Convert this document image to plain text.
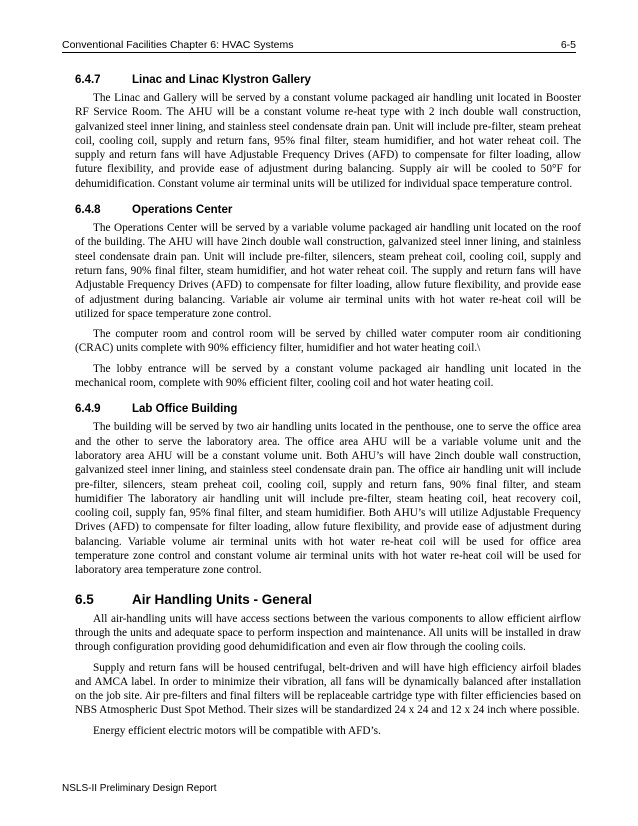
Conventional Facilities Chapter 6: HVAC Systems	6-5
6.4.7	Linac and Linac Klystron Gallery

The Linac and Gallery will be served by a constant volume packaged air handling unit located in Booster RF Service Room. The AHU will be a constant volume re-heat type with 2 inch double wall construction, galvanized steel inner lining, and stainless steel condensate drain pan. Unit will include pre-filter, steam preheat coil, cooling coil, supply and return fans, 95% final filter, steam humidifier, and hot water reheat coil. The supply and return fans will have Adjustable Frequency Drives (AFD) to compensate for filter loading, allow future flexibility, and provide ease of adjustment during balancing. Supply air will be cooled to 50°F for dehumidification. Constant volume air terminal units will be utilized for individual space temperature control.

6.4.8	Operations Center

The Operations Center will be served by a variable volume packaged air handling unit located on the roof of the building. The AHU will have 2inch double wall construction, galvanized steel inner lining, and stainless steel condensate drain pan. Unit will include pre-filter, silencers, steam preheat coil, cooling coil, supply and return fans, 90% final filter, steam humidifier, and hot water reheat coil. The supply and return fans will have Adjustable Frequency Drives (AFD) to compensate for filter loading, allow future flexibility, and provide ease of adjustment during balancing. Variable air volume air terminal units with hot water re-heat coil will be utilized for space temperature zone control.

The computer room and control room will be served by chilled water computer room air conditioning (CRAC) units complete with 90% efficiency filter, humidifier and hot water heating coil.\

The lobby entrance will be served by a constant volume packaged air handling unit located in the mechanical room, complete with 90% efficient filter, cooling coil and hot water heating coil.

6.4.9	Lab Office Building

The building will be served by two air handling units located in the penthouse, one to serve the office area and the other to serve the laboratory area. The office area AHU will be a variable volume unit and the laboratory area AHU will be a constant volume unit. Both AHU’s will have 2inch double wall construction, galvanized steel inner lining, and stainless steel condensate drain pan. The office air handling unit will include pre-filter, silencers, steam preheat coil, cooling coil, supply and return fans, 90% final filter, and steam humidifier The laboratory air handling unit will include pre-filter, steam heating coil, heat recovery coil, cooling coil, supply fan, 95% final filter, and steam humidifier. Both AHU’s will utilize Adjustable Frequency Drives (AFD) to compensate for filter loading, allow future flexibility, and provide ease of adjustment during balancing. Variable volume air terminal units with hot water re-heat coil will be used for office area temperature zone control and constant volume air terminal units with hot water re-heat coil will be used for laboratory area temperature zone control.

6.5	Air Handling Units - General

All air-handling units will have access sections between the various components to allow efficient airflow through the units and adequate space to perform inspection and maintenance. All units will be installed in draw through configuration providing good dehumidification and even air flow through the cooling coils.

Supply and return fans will be housed centrifugal, belt-driven and will have high efficiency airfoil blades and AMCA label. In order to minimize their vibration, all fans will be dynamically balanced after installation on the job site. Air pre-filters and final filters will be replaceable cartridge type with filter efficiencies based on NBS Atmospheric Dust Spot Method. Their sizes will be standardized 24 x 24 and 12 x 24 inch where possible.

Energy efficient electric motors will be compatible with AFD’s.

NSLS-II Preliminary Design Report
